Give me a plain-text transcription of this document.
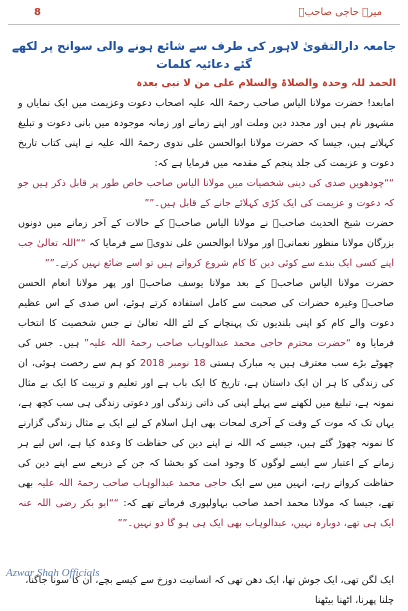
8	میرے حاجی صاحبؒ
جامعہ دارالتقویٰ لاہور کی طرف سے شائع ہونے والی سوانح پر لکھے گئے دعائیہ کلمات
الحمد للہ وحدہ والصلاۃ والسلام علی من لا نبی بعدہ

امابعد! حضرت مولانا الیاس صاحب رحمۃ اللہ علیہ اصحاب دعوت وعزیمت میں ایک نمایاں و مشہور نام ہیں اور مجدد دین وملت اور اپنے زمانے اور زمانہ موجودہ میں بانی دعوت و تبلیغ کہلاتے ہیں، جیسا کہ حضرت مولانا ابوالحسن علی ندوی رحمۃ اللہ علیہ نے اپنی کتاب تاریخ دعوت و عزیمت کی جلد پنجم کے مقدمہ میں فرمایا ہے کہ:

““چودھویں صدی کی دینی شخصیات میں مولانا الیاس صاحب خاص طور پر قابل ذکر ہیں جو کہ دعوت و عزیمت کی ایک کڑی کہلائے جانے کے قابل ہیں۔””

حضرت شیخ الحدیث صاحبؒ نے مولانا الیاس صاحبؒ کے حالات کے آخر زمانے میں دونوں بزرگان مولانا منظور نعمانیؒ اور مولانا ابوالحسن علی ندویؒ سے فرمایا کہ ““اللہ تعالیٰ جب اپنے کسی ایک بندے سے کوئی دین کا کام شروع کرواتے ہیں تو اسے ضائع نہیں کرتے۔””

حضرت مولانا الیاس صاحبؒ کے بعد مولانا یوسف صاحبؒ اور پھر مولانا انعام الحسن صاحبؒ وغیرہ حضرات کی صحبت سے کامل استفادہ کرتے ہوئے، اس صدی کے اس عظیم دعوت والے کام کو اپنی بلندیوں تک پہنچانے کے لئے اللہ تعالیٰ نے جس شخصیت کا انتخاب فرمایا وہ “حضرت محترم حاجی محمد عبدالوہاب صاحب رحمۃ اللہ علیہ” ہیں۔ جس کی چھوٹے بڑے سب معترف ہیں یہ مبارک ہستی 18 نومبر 2018 کو ہم سے رخصت ہوئی، ان کی زندگی کا ہر ان ایک داستان ہے، تاریخ کا ایک باب ہے اور تعلیم و تربیت کا ایک بے مثال نمونہ ہے، تبلیغ میں لکھنے سے پہلے اپنی کی ذاتی زندگی اور دعوتی زندگی ہی سب کچھ ہے، یہاں تک کہ موت کے وقت کے آخری لمحات بھی اہل اسلام کے لیے ایک بے مثال زندگی گزارنے کا نمونہ چھوڑ گئے ہیں، جیسے کہ اللہ نے اپنے دین کی حفاظت کا وعدہ کیا ہے، اس لیے ہر زمانے کے اعتبار سے ایسے لوگوں کا وجود امت کو بخشا کہ جن کے ذریعے سے اپنے دین کی حفاظت کرواتے رہے، انہیں میں سے ایک حاجی محمد عبدالوہاب صاحب رحمۃ اللہ علیہ بھی تھے، جیسا کہ مولانا محمد احمد صاحب بہاولپوری فرماتے تھے کہ: ““ابو بکر رضی اللہ عنہ ایک ہی تھے، دوبارہ نہیں، عبدالوہاب بھی ایک ہی ہو گا دو نہیں۔””

ایک لگن تھی، ایک جوش تھا، ایک دھن تھی کہ انسانیت دوزخ سے کیسے بچے، ان کا سونا جاگنا، چلنا پھرنا، اٹھنا بیٹھنا
Azwar Shah Officials
